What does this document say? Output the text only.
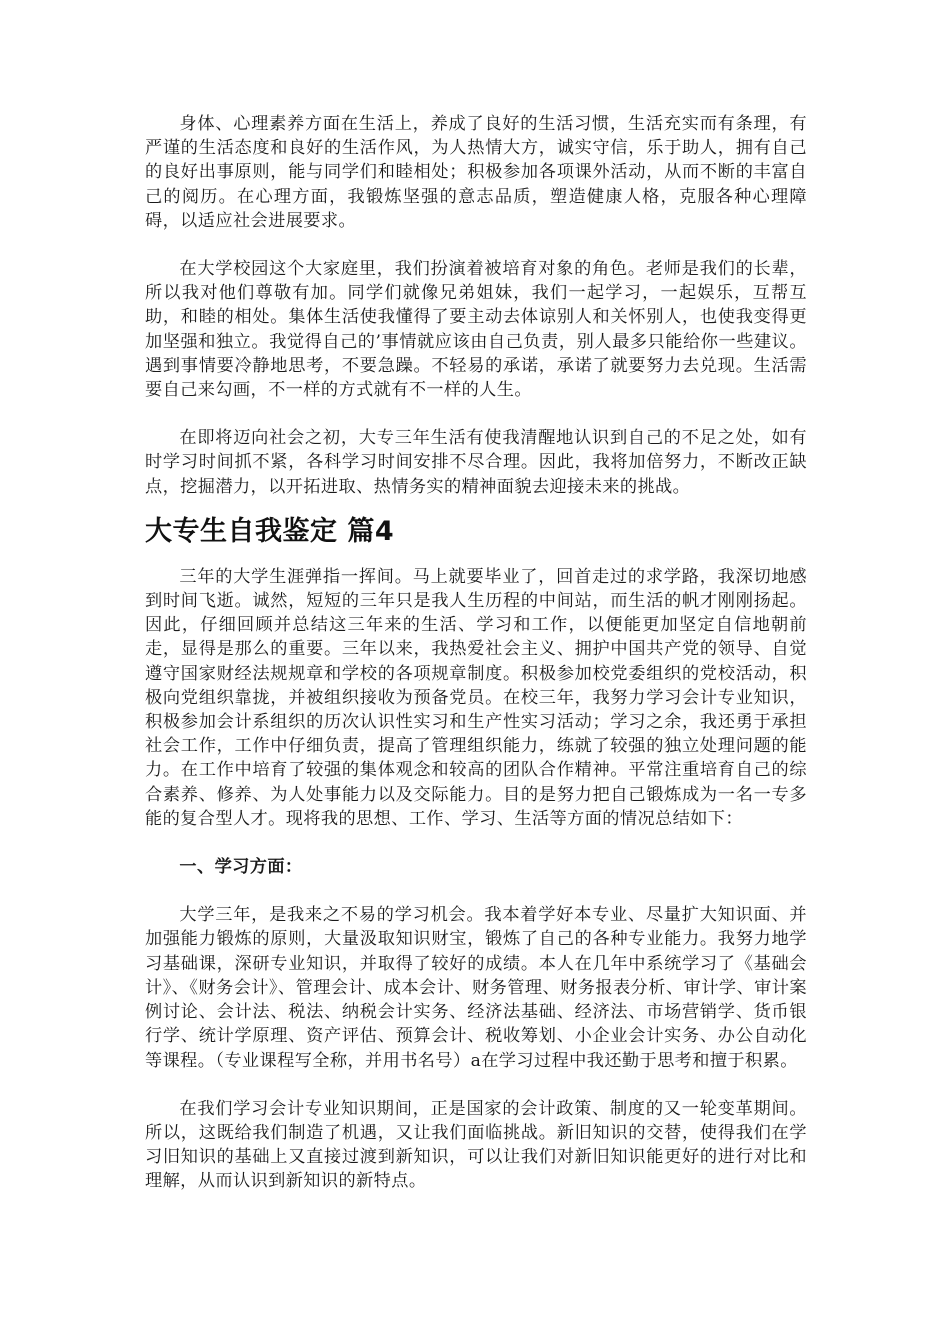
身体、心理素养方面在生活上，养成了良好的生活习惯，生活充实而有条理，有严谨的生活态度和良好的生活作风，为人热情大方，诚实守信，乐于助人，拥有自己的良好出事原则，能与同学们和睦相处；积极参加各项课外活动，从而不断的丰富自己的阅历。在心理方面，我锻炼坚强的意志品质，塑造健康人格，克服各种心理障碍，以适应社会进展要求。

在大学校园这个大家庭里，我们扮演着被培育对象的角色。老师是我们的长辈，所以我对他们尊敬有加。同学们就像兄弟姐妹，我们一起学习，一起娱乐，互帮互助，和睦的相处。集体生活使我懂得了要主动去体谅别人和关怀别人，也使我变得更加坚强和独立。我觉得自己的’事情就应该由自己负责，别人最多只能给你一些建议。遇到事情要冷静地思考，不要急躁。不轻易的承诺，承诺了就要努力去兑现。生活需要自己来勾画，不一样的方式就有不一样的人生。

在即将迈向社会之初，大专三年生活有使我清醒地认识到自己的不足之处，如有时学习时间抓不紧，各科学习时间安排不尽合理。因此，我将加倍努力，不断改正缺点，挖掘潜力，以开拓进取、热情务实的精神面貌去迎接未来的挑战。

大专生自我鉴定 篇4

三年的大学生涯弹指一挥间。马上就要毕业了，回首走过的求学路，我深切地感到时间飞逝。诚然，短短的三年只是我人生历程的中间站，而生活的帆才刚刚扬起。因此，仔细回顾并总结这三年来的生活、学习和工作，以便能更加坚定自信地朝前走，显得是那么的重要。三年以来，我热爱社会主义、拥护中国共产党的领导、自觉遵守国家财经法规规章和学校的各项规章制度。积极参加校党委组织的党校活动，积极向党组织靠拢，并被组织接收为预备党员。在校三年，我努力学习会计专业知识，积极参加会计系组织的历次认识性实习和生产性实习活动；学习之余，我还勇于承担社会工作，工作中仔细负责，提高了管理组织能力，练就了较强的独立处理问题的能力。在工作中培育了较强的集体观念和较高的团队合作精神。平常注重培育自己的综合素养、修养、为人处事能力以及交际能力。目的是努力把自己锻炼成为一名一专多能的复合型人才。现将我的思想、工作、学习、生活等方面的情况总结如下：

一、学习方面：

大学三年，是我来之不易的学习机会。我本着学好本专业、尽量扩大知识面、并加强能力锻炼的原则，大量汲取知识财宝，锻炼了自己的各种专业能力。我努力地学习基础课，深研专业知识，并取得了较好的成绩。本人在几年中系统学习了《基础会计》、《财务会计》、管理会计、成本会计、财务管理、财务报表分析、审计学、审计案例讨论、会计法、税法、纳税会计实务、经济法基础、经济法、市场营销学、货币银行学、统计学原理、资产评估、预算会计、税收筹划、小企业会计实务、办公自动化等课程。（专业课程写全称，并用书名号）a在学习过程中我还勤于思考和擅于积累。

在我们学习会计专业知识期间，正是国家的会计政策、制度的又一轮变革期间。所以，这既给我们制造了机遇，又让我们面临挑战。新旧知识的交替，使得我们在学习旧知识的基础上又直接过渡到新知识，可以让我们对新旧知识能更好的进行对比和理解，从而认识到新知识的新特点。
